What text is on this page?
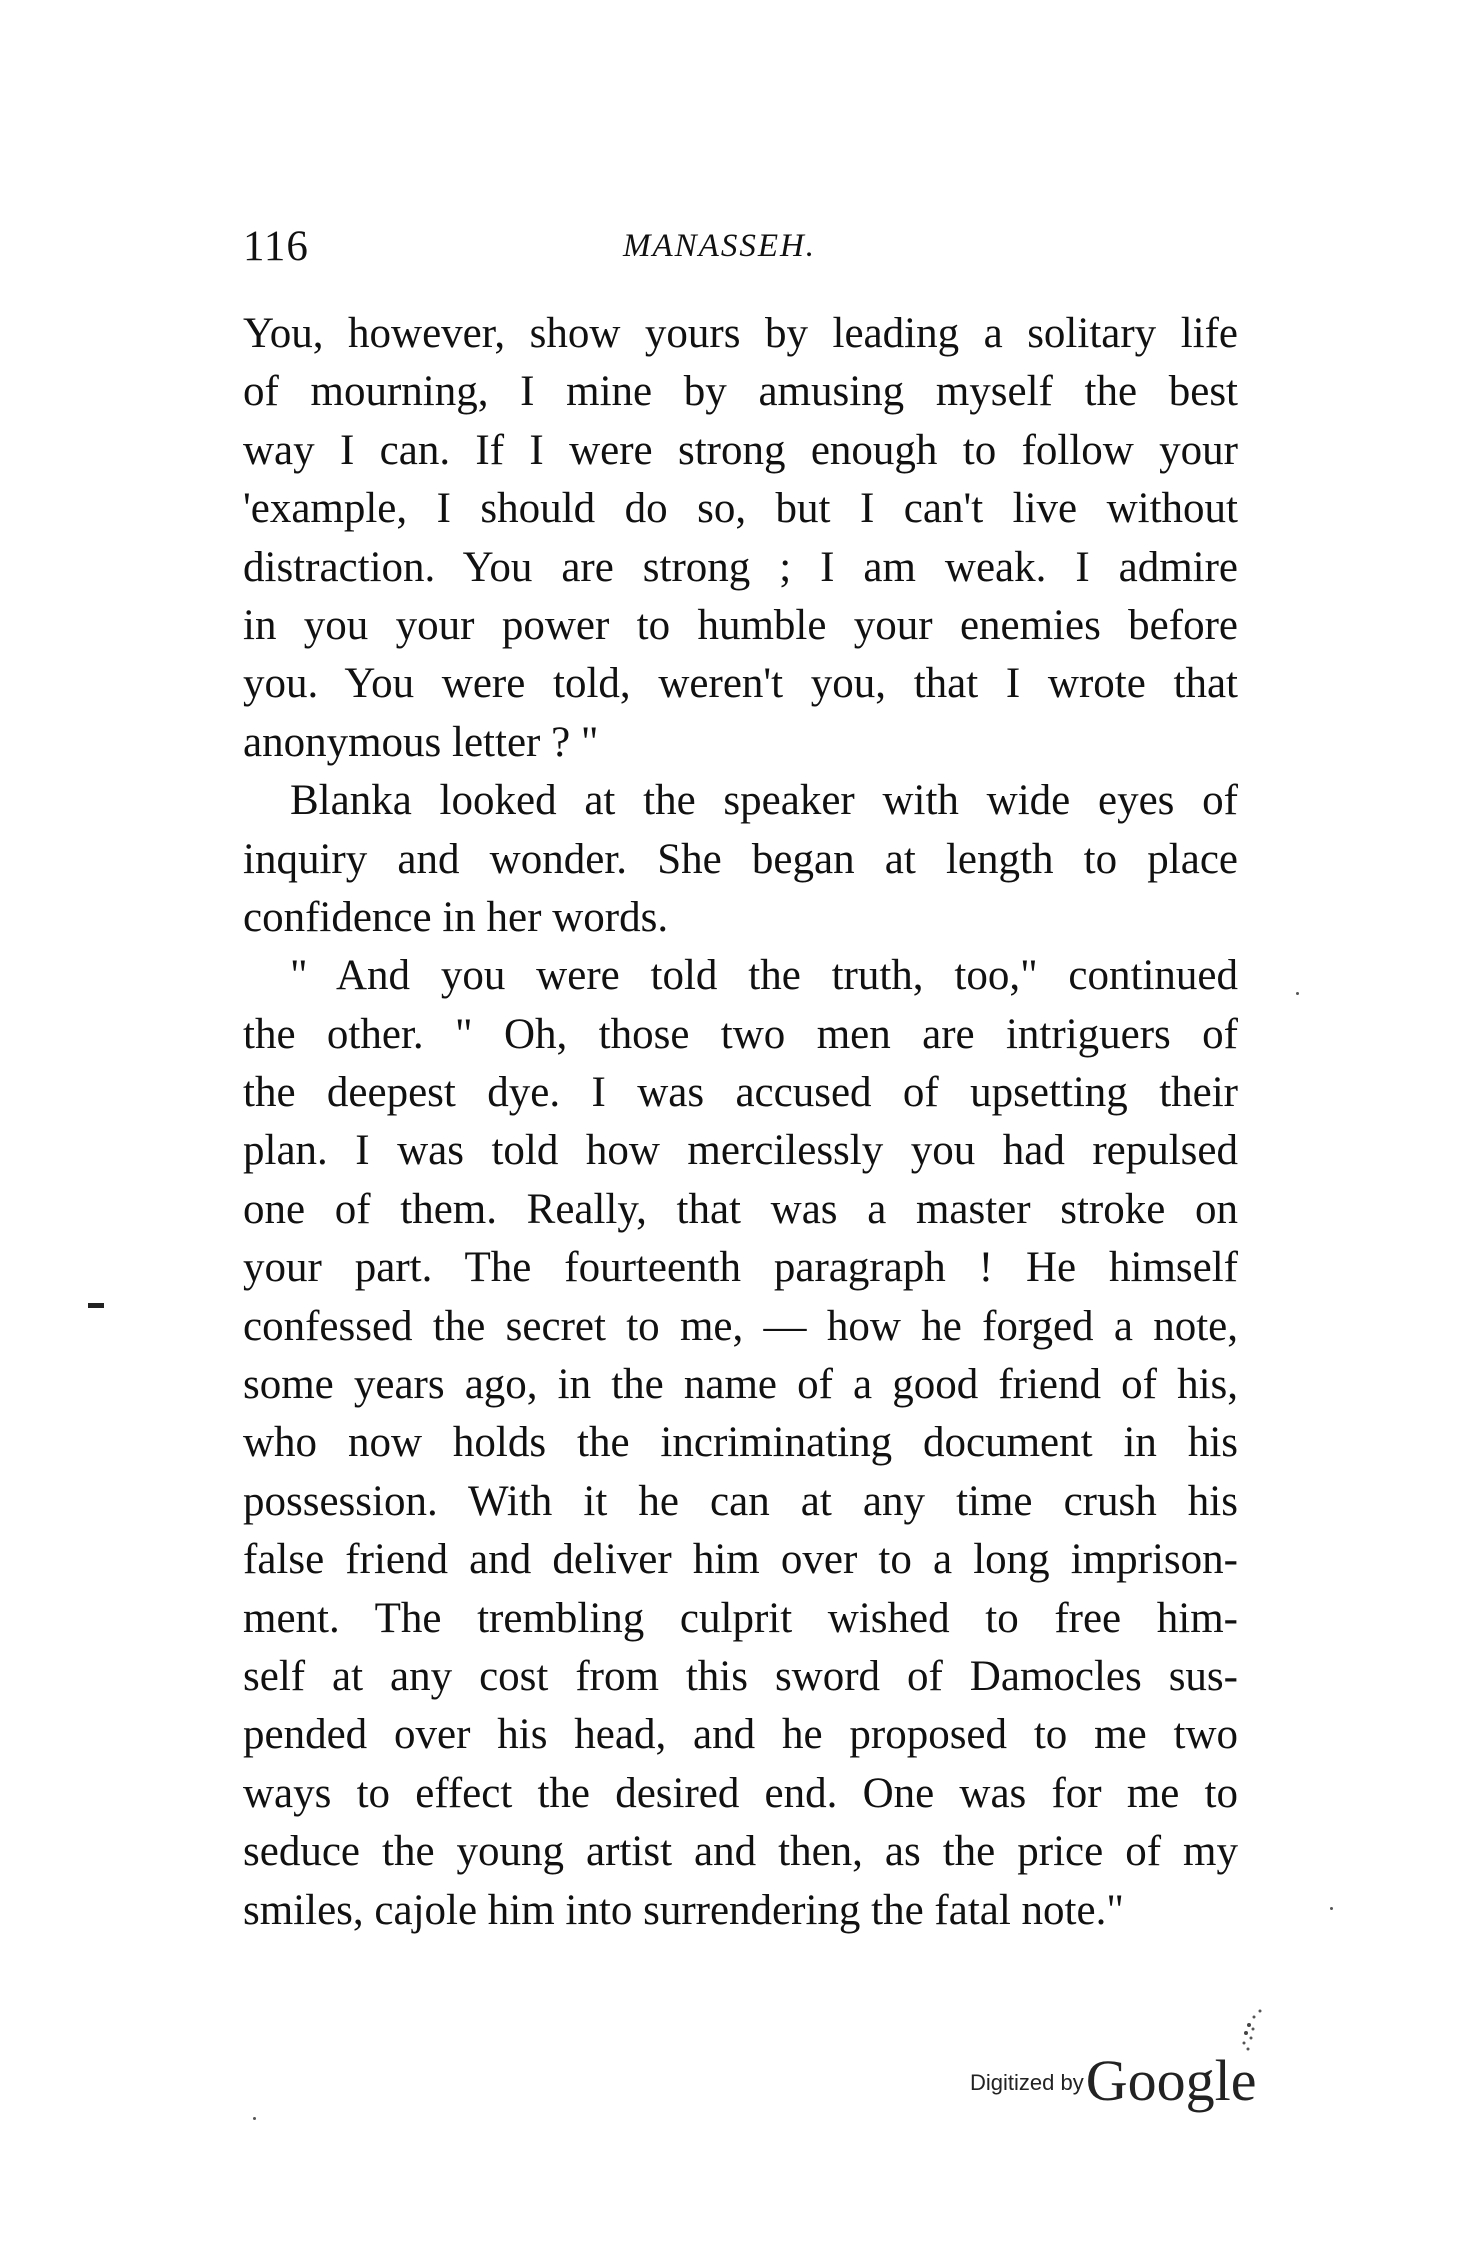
116	MANASSEH.
You, however, show yours by leading a solitary life
of mourning, I mine by amusing myself the best
way I can. If I were strong enough to follow your
'example, I should do so, but I can't live without
distraction. You are strong ; I am weak. I admire
in you your power to humble your enemies before
you. You were told, weren't you, that I wrote that
anonymous letter ? "
Blanka looked at the speaker with wide eyes of
inquiry and wonder. She began at length to place
confidence in her words.
" And you were told the truth, too," continued
the other. " Oh, those two men are intriguers of
the deepest dye. I was accused of upsetting their
plan. I was told how mercilessly you had repulsed
one of them. Really, that was a master stroke on
your part. The fourteenth paragraph ! He himself
confessed the secret to me, — how he forged a note,
some years ago, in the name of a good friend of his,
who now holds the incriminating document in his
possession. With it he can at any time crush his
false friend and deliver him over to a long imprison-
ment. The trembling culprit wished to free him-
self at any cost from this sword of Damocles sus-
pended over his head, and he proposed to me two
ways to effect the desired end. One was for me to
seduce the young artist and then, as the price of my
smiles, cajole him into surrendering the fatal note."
Digitized by Google
